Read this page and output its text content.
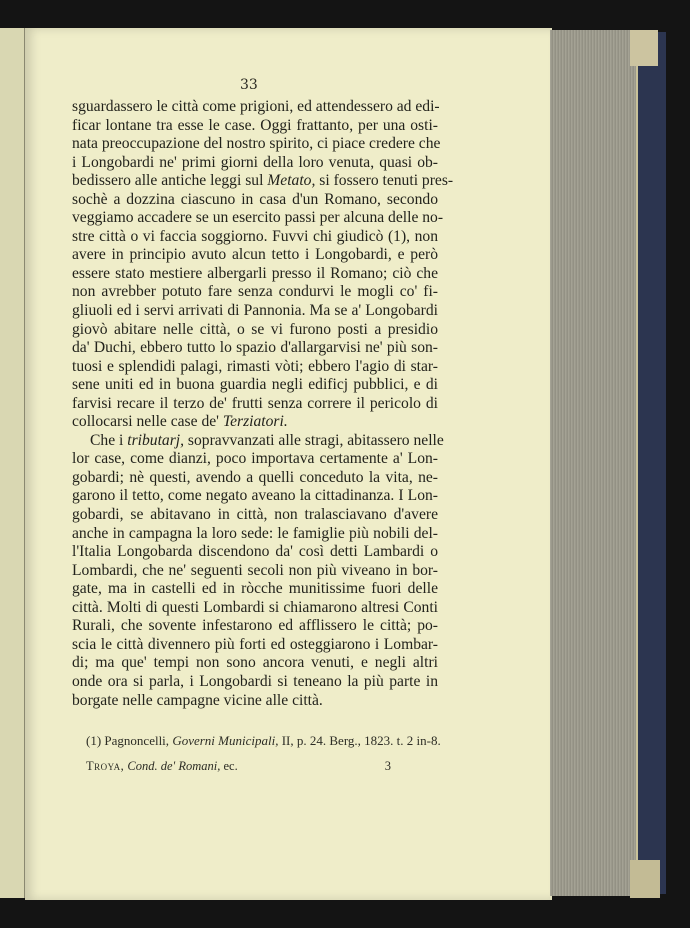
33
sguardassero le città come prigioni, ed attendessero ad edi-
ficar lontane tra esse le case. Oggi frattanto, per una osti-
nata preoccupazione del nostro spirito, ci piace credere che
i Longobardi ne' primi giorni della loro venuta, quasi ob-
bedissero alle antiche leggi sul Metato, si fossero tenuti pres-
sochè a dozzina ciascuno in casa d'un Romano, secondo
veggiamo accadere se un esercito passi per alcuna delle no-
stre città o vi faccia soggiorno. Fuvvi chi giudicò (1), non
avere in principio avuto alcun tetto i Longobardi, e però
essere stato mestiere albergarli presso il Romano; ciò che
non avrebber potuto fare senza condurvi le mogli co' fi-
gliuoli ed i servi arrivati di Pannonia. Ma se a' Longobardi
giovò abitare nelle città, o se vi furono posti a presidio
da' Duchi, ebbero tutto lo spazio d'allargarvisi ne' più son-
tuosi e splendidi palagi, rimasti vòti; ebbero l'agio di star-
sene uniti ed in buona guardia negli edificj pubblici, e di
farvisi recare il terzo de' frutti senza correre il pericolo di
collocarsi nelle case de' Terziatori.
Che i tributarj, sopravvanzati alle stragi, abitassero nelle
lor case, come dianzi, poco importava certamente a' Lon-
gobardi; nè questi, avendo a quelli conceduto la vita, ne-
garono il tetto, come negato aveano la cittadinanza. I Lon-
gobardi, se abitavano in città, non tralasciavano d'avere
anche in campagna la loro sede: le famiglie più nobili del-
l'Italia Longobarda discendono da' così detti Lambardi o
Lombardi, che ne' seguenti secoli non più viveano in bor-
gate, ma in castelli ed in ròcche munitissime fuori delle
città. Molti di questi Lombardi si chiamarono altresi Conti
Rurali, che sovente infestarono ed afflissero le città; po-
scia le città divennero più forti ed osteggiarono i Lombar-
di; ma que' tempi non sono ancora venuti, e negli altri
onde ora si parla, i Longobardi si teneano la più parte in
borgate nelle campagne vicine alle città.
(1) Pagnoncelli, Governi Municipali, II, p. 24. Berg., 1823. t. 2 in-8.
Troya, Cond. de' Romani, ec.	3
